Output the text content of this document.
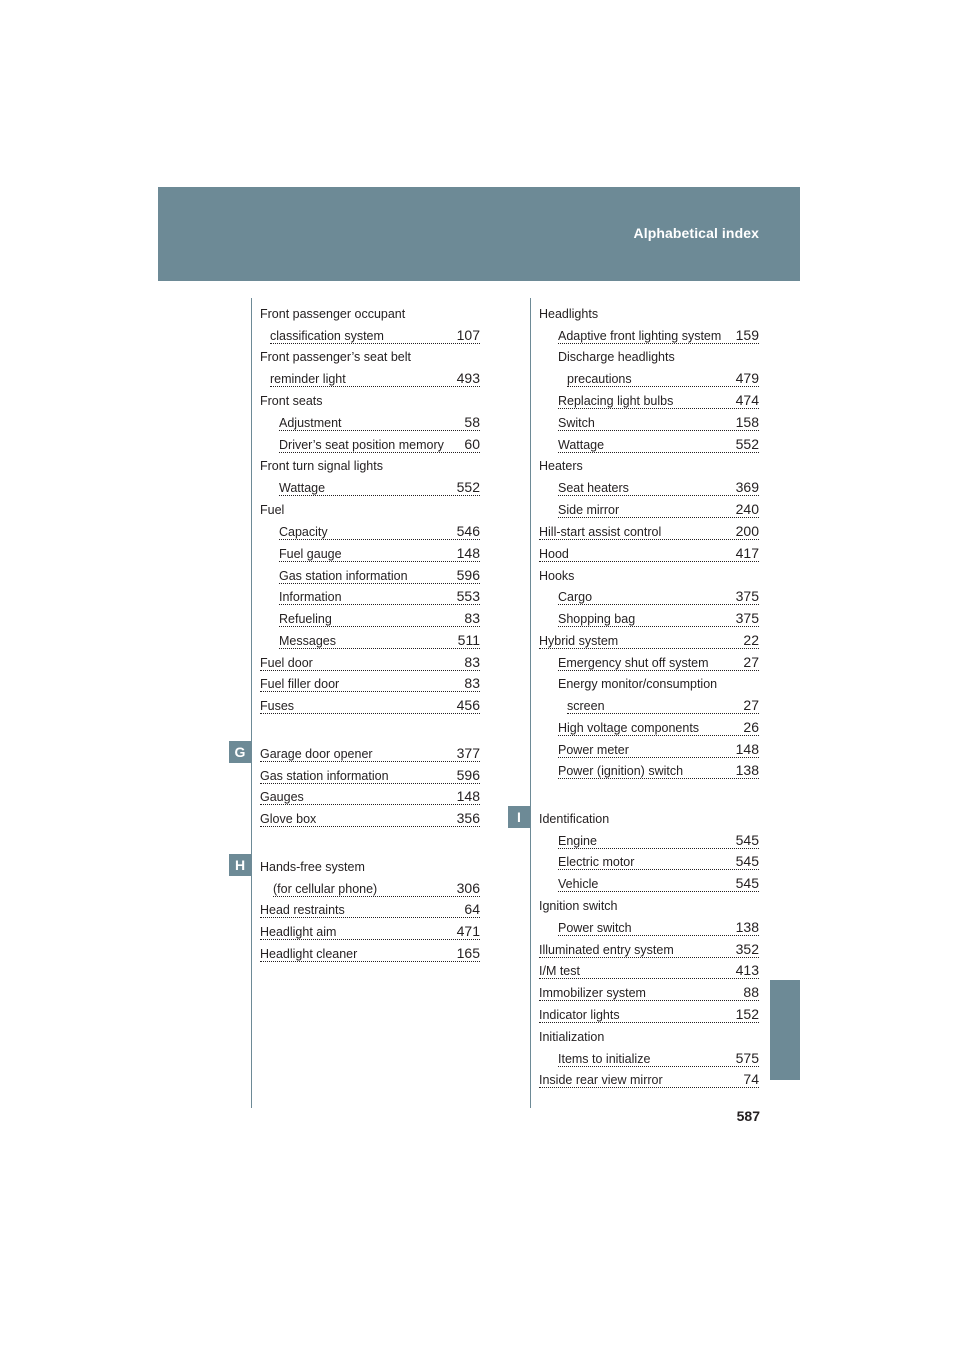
Alphabetical index
G
H
I
Front passenger occupant
classification system	107
Front passenger’s seat belt
reminder light	493
Front seats
Adjustment	58
Driver’s seat position memory 60
Front turn signal lights
Wattage	552
Fuel
Capacity	546
Fuel gauge	148
Gas station information	596
Information	553
Refueling	83
Messages	511
Fuel door	83
Fuel filler door	83
Fuses	456
Garage door opener	377
Gas station information	596
Gauges	148
Glove box	356
Hands-free system
(for cellular phone)	306
Head restraints	64
Headlight aim	471
Headlight cleaner	165
Headlights
Adaptive front lighting system 159
Discharge headlights
precautions	479
Replacing light bulbs	474
Switch	158
Wattage	552
Heaters
Seat heaters	369
Side mirror	240
Hill-start assist control	200
Hood	417
Hooks
Cargo	375
Shopping bag	375
Hybrid system	22
Emergency shut off system 27
Energy monitor/consumption
screen	27
High voltage components	26
Power meter	148
Power (ignition) switch	138
Identification
Engine	545
Electric motor	545
Vehicle	545
Ignition switch
Power switch	138
Illuminated entry system	352
I/M test	413
Immobilizer system	88
Indicator lights	152
Initialization
Items to initialize	575
Inside rear view mirror	74
587
